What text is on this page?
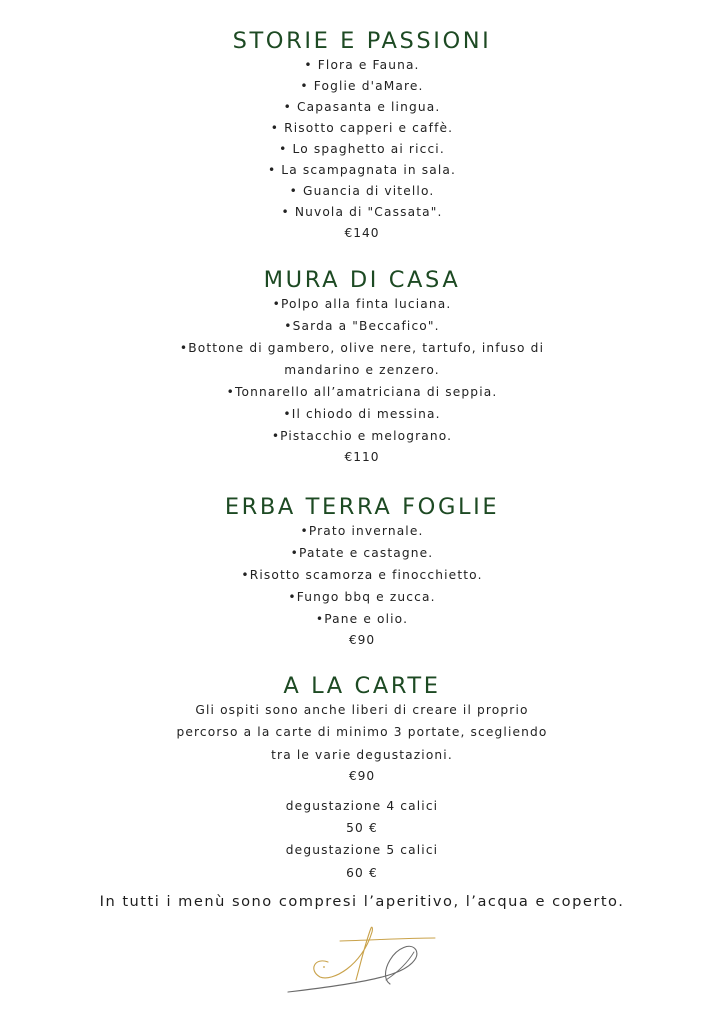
STORIE E PASSIONI
• Flora e Fauna.
• Foglie d'aMare.
• Capasanta e lingua.
• Risotto capperi e caffè.
• Lo spaghetto ai ricci.
• La scampagnata in sala.
• Guancia di vitello.
• Nuvola di "Cassata".
€140
MURA DI CASA
•Polpo alla finta luciana.
•Sarda a "Beccafico".
•Bottone di gambero, olive nere, tartufo, infuso di
mandarino e zenzero.
•Tonnarello all’amatriciana di seppia.
•Il chiodo di messina.
•Pistacchio e melograno.
€110
ERBA TERRA FOGLIE
•Prato invernale.
•Patate e castagne.
•Risotto scamorza e finocchietto.
•Fungo bbq e zucca.
•Pane e olio.
€90
A LA CARTE
Gli ospiti sono anche liberi di creare il proprio
percorso a la carte di minimo 3 portate, scegliendo
tra le varie degustazioni.
€90
degustazione 4 calici
50 €
degustazione 5 calici
60 €
In tutti i menù sono compresi l’aperitivo, l’acqua e coperto.
